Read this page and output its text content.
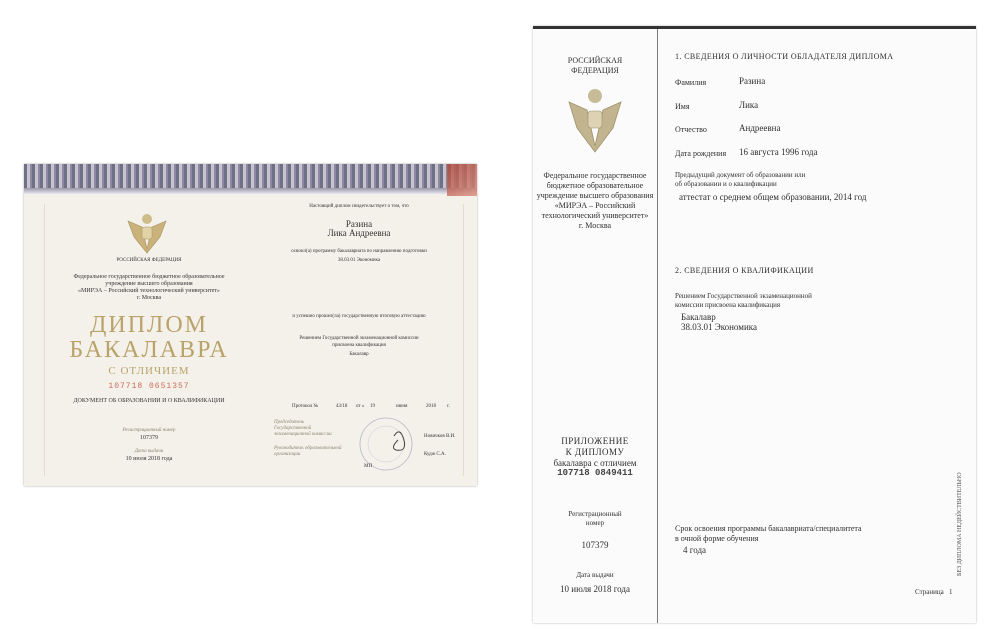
РОССИЙСКАЯ ФЕДЕРАЦИЯ
Федеральное государственное бюджетное образовательное
учреждение высшего образования
«МИРЭА – Российский технологический университет»
г. Москва
ДИПЛОМ
БАКАЛАВРА
С ОТЛИЧИЕМ
107718 0651357
ДОКУМЕНТ ОБ ОБРАЗОВАНИИ И О КВАЛИФИКАЦИИ
Регистрационный номер
107379
Дата выдачи
10 июля 2018 года
Настоящий диплом свидетельствует о том, что
Разина
Лика Андреевна
освоил(а) программу бакалавриата по направлению подготовки
38.03.01 Экономика
и успешно прошел(ла) государственную итоговую аттестацию
Решением Государственной экзаменационной комиссии
присвоена квалификация
Бакалавр
Протокол №	43/18 от « 19	июня	2018 г.
Председатель
Государственной
экзаменационной комиссии	Новичков В.И.
Руководитель образовательной
организации	Кудж С.А.
МП
РОССИЙСКАЯ
ФЕДЕРАЦИЯ
Федеральное государственное
бюджетное образовательное
учреждение высшего образования
«МИРЭА – Российский
технологический университет»
г. Москва
ПРИЛОЖЕНИЕ
К ДИПЛОМУ
бакалавра с отличием
107718 0849411
Регистрационный
номер
107379
Дата выдачи
10 июля 2018 года
1. СВЕДЕНИЯ О ЛИЧНОСТИ ОБЛАДАТЕЛЯ ДИПЛОМА
Фамилия	Разина
Имя	Лика
Отчество	Андреевна
Дата рождения 16 августа 1996 года
Предыдущий документ об образовании или
об образовании и о квалификации
аттестат о среднем общем образовании, 2014 год
2. СВЕДЕНИЯ О КВАЛИФИКАЦИИ
Решением Государственной экзаменационной
комиссии присвоена квалификация
Бакалавр
38.03.01 Экономика
Срок освоения программы бакалавриата/специалитета
в очной форме обучения
4 года
Страница 1
БЕЗ ДИПЛОМА НЕДЕЙСТВИТЕЛЬНО
